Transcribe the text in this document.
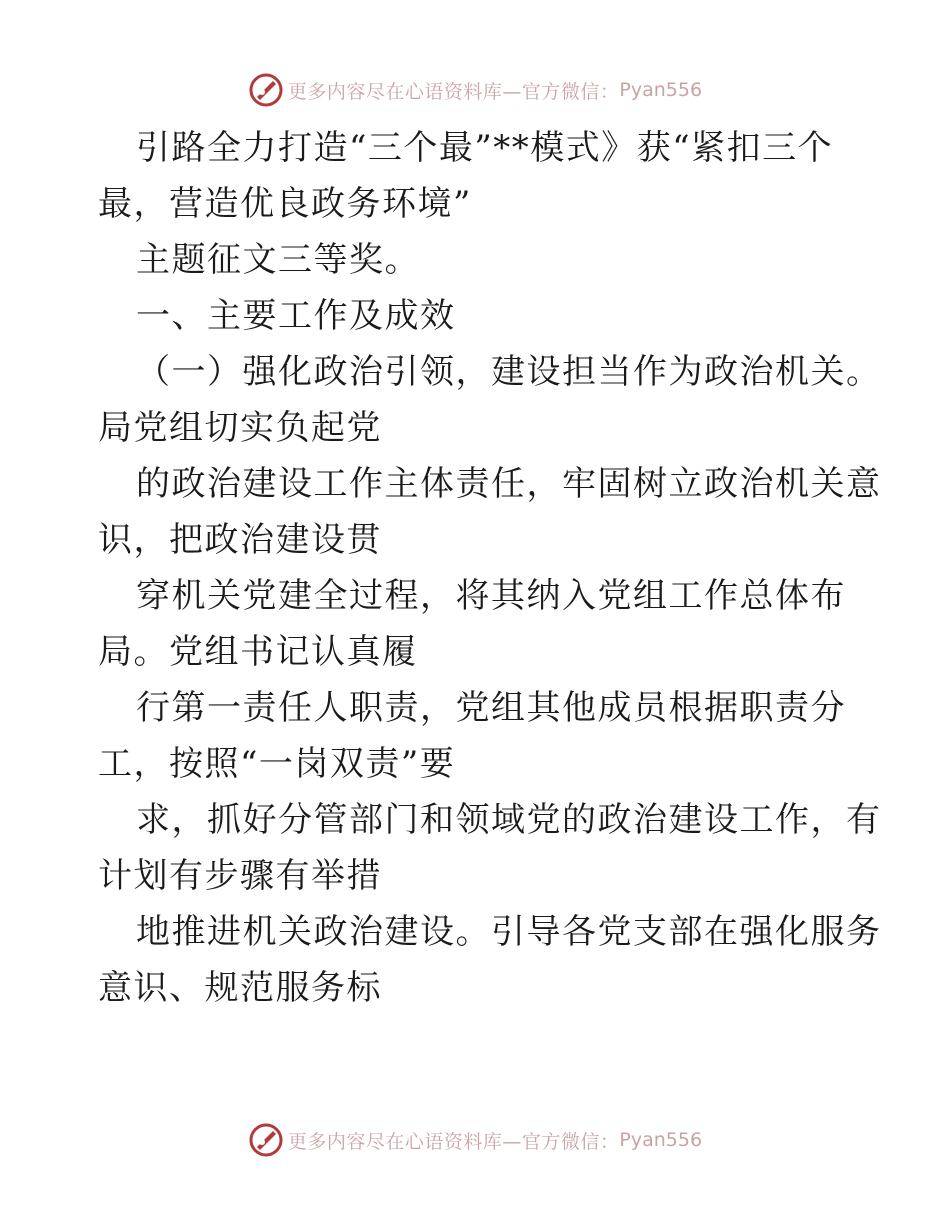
更多内容尽在心语资料库—官方微信： Pyan556
引路全力打造“三个最”**模式》获“紧扣三个
最，营造优良政务环境”
主题征文三等奖。
一、主要工作及成效
（一）强化政治引领，建设担当作为政治机关。
局党组切实负起党
的政治建设工作主体责任，牢固树立政治机关意
识，把政治建设贯
穿机关党建全过程，将其纳入党组工作总体布
局。党组书记认真履
行第一责任人职责，党组其他成员根据职责分
工，按照“一岗双责”要
求，抓好分管部门和领域党的政治建设工作，有
计划有步骤有举措
地推进机关政治建设。引导各党支部在强化服务
意识、规范服务标
更多内容尽在心语资料库—官方微信： Pyan556
